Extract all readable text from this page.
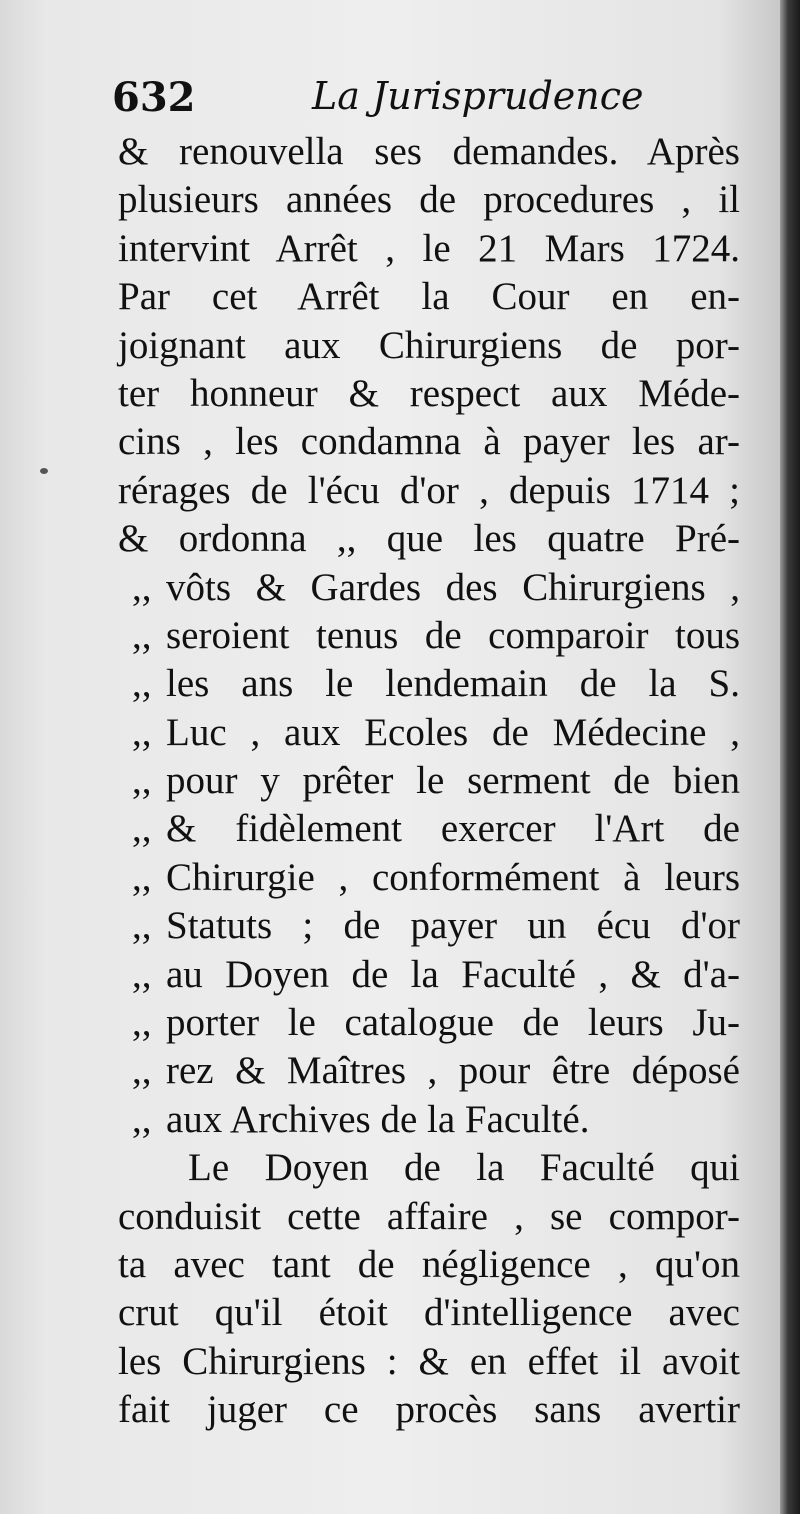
632	La Jurisprudence
& renouvella ses demandes. Après
plusieurs années de procedures , il
intervint Arrêt , le 21 Mars 1724.
Par cet Arrêt la Cour en en-
joignant aux Chirurgiens de por-
ter honneur & respect aux Méde-
cins , les condamna à payer les ar-
rérages de l'écu d'or , depuis 1714 ;
& ordonna ,, que les quatre Pré-
,, vôts & Gardes des Chirurgiens ,
,, seroient tenus de comparoir tous
,, les ans le lendemain de la S.
,, Luc , aux Ecoles de Médecine ,
,, pour y prêter le serment de bien
,, & fidèlement exercer l'Art de
,, Chirurgie , conformément à leurs
,, Statuts ; de payer un écu d'or
,, au Doyen de la Faculté , & d'a-
,, porter le catalogue de leurs Ju-
,, rez & Maîtres , pour être déposé
,, aux Archives de la Faculté.
Le Doyen de la Faculté qui
conduisit cette affaire , se compor-
ta avec tant de négligence , qu'on
crut qu'il étoit d'intelligence avec
les Chirurgiens : & en effet il avoit
fait juger ce procès sans avertir
